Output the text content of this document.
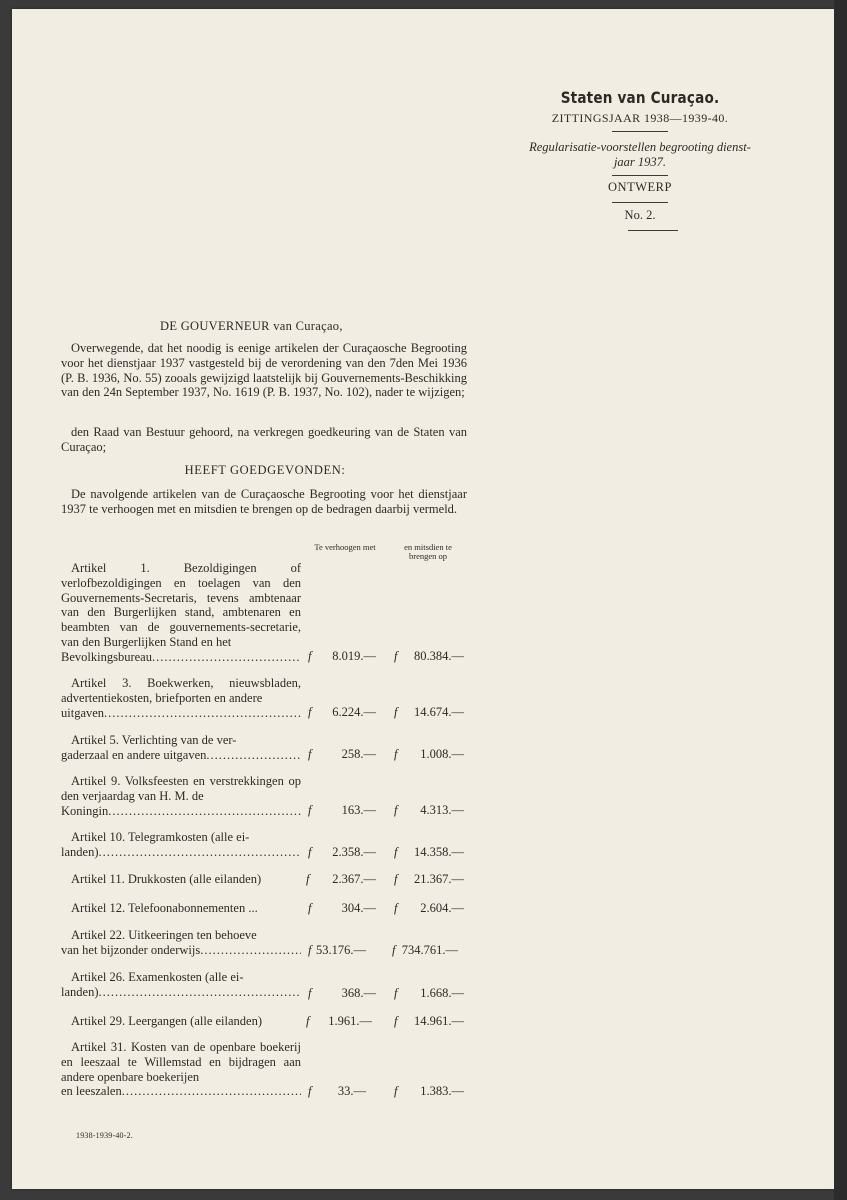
Staten van Curaçao.
ZITTINGSJAAR 1938—1939-40.
Regularisatie-voorstellen begrooting dienst-
jaar 1937.
ONTWERP
No. 2.
DE GOUVERNEUR van Curaçao,
Overwegende, dat het noodig is eenige artikelen der Curaçaosche Begrooting voor het dienstjaar 1937 vastgesteld bij de verordening van den 7den Mei 1936 (P. B. 1936, No. 55) zooals gewijzigd laatstelijk bij Gouvernements-Beschikking van den 24n September 1937, No. 1619 (P. B. 1937, No. 102), nader te wijzigen;
den Raad van Bestuur gehoord, na verkregen goedkeuring van de Staten van Curaçao;
HEEFT GOEDGEVONDEN:
De navolgende artikelen van de Curaçaosche Begrooting voor het dienstjaar 1937 te verhoogen met en mitsdien te brengen op de bedragen daarbij vermeld.
Te verhoogen met	en mitsdien te
brengen op
Artikel 1. Bezoldigingen of verlofbezoldigingen en toelagen van den Gouvernements-Secretaris, tevens ambtenaar van den Burgerlijken stand, ambtenaren en beambten van de gouvernements-secretarie, van den Burgerlijken Stand en het
Bevolkingsbureau .....	f	8.019.— f	80.384.—
Artikel 3. Boekwerken, nieuwsbladen, advertentiekosten, briefporten en andere
uitgaven .....	f	6.224.— f	14.674.—
Artikel 5. Verlichting van de ver-
gaderzaal en andere uitgaven .....	f	258.— f	1.008.—
Artikel 9. Volksfeesten en verstrekkingen op den verjaardag van H. M. de
Koningin .....	f	163.— f	4.313.—
Artikel 10. Telegramkosten (alle ei-
landen) .....	f	2.358.— f	14.358.—
Artikel 11. Drukkosten (alle eilanden)	f	2.367.— f	21.367.—
Artikel 12. Telefoonabonnementen ...	f	304.— f	2.604.—
Artikel 22. Uitkeeringen ten behoeve
van het bijzonder onderwijs .....	f 53.176.— f 734.761.—
Artikel 26. Examenkosten (alle ei-
landen) .....	f	368.— f	1.668.—
Artikel 29. Leergangen (alle eilanden)	f	1.961.— f	14.961.—
Artikel 31. Kosten van de openbare boekerij en leeszaal te Willemstad en bijdragen aan andere openbare boekerijen
en leeszalen .....	f	33.— f	1.383.—
1938-1939-40-2.
